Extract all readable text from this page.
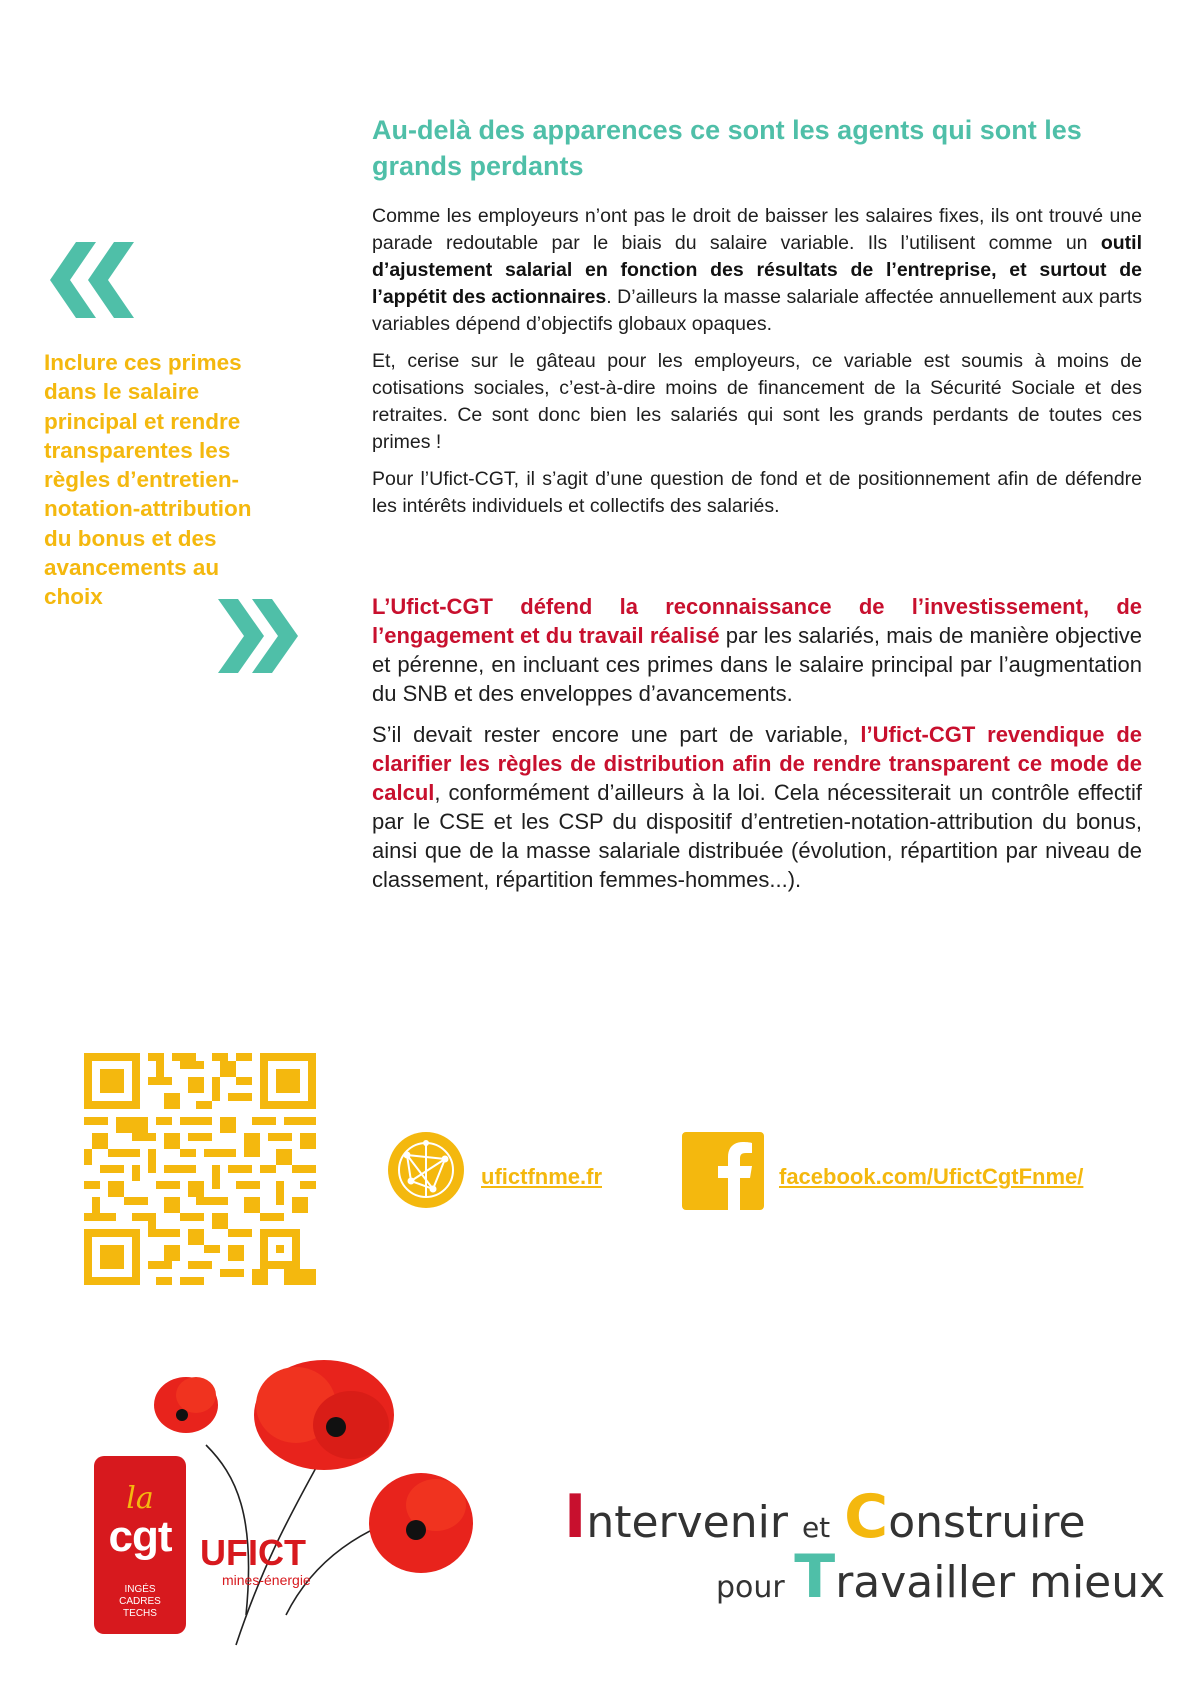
Au-delà des apparences ce sont les agents qui sont les grands perdants

Comme les employeurs n’ont pas le droit de baisser les salaires fixes, ils ont trouvé une parade redoutable par le biais du salaire variable. Ils l’utilisent comme un outil d’ajustement salarial en fonction des résultats de l’entreprise, et surtout de l’appétit des actionnaires. D’ailleurs la masse salariale affectée annuellement aux parts variables dépend d’objectifs globaux opaques.

Et, cerise sur le gâteau pour les employeurs, ce variable est soumis à moins de cotisations sociales, c’est-à-dire moins de financement de la Sécurité Sociale et des retraites. Ce sont donc bien les salariés qui sont les grands perdants de toutes ces primes !

Pour l’Ufict-CGT, il s’agit d’une question de fond et de positionnement afin de défendre les intérêts individuels et collectifs des salariés.

Inclure ces primes dans le salaire principal et rendre transparentes les règles d’entretien-notation-attribution du bonus et des avancements au choix	L’Ufict-CGT défend la reconnaissance de l’investissement, de l’engagement et du travail réalisé par les salariés, mais de manière objective et pérenne, en incluant ces primes dans le salaire principal par l’augmentation du SNB et des enveloppes d’avancements.

S’il devait rester encore une part de variable, l’Ufict-CGT revendique de clarifier les règles de distribution afin de rendre transparent ce mode de calcul, conformément d’ailleurs à la loi. Cela nécessiterait un contrôle effectif par le CSE et les CSP du dispositif d’entretien-notation-attribution du bonus, ainsi que de la masse salariale distribuée (évolution, répartition par niveau de classement, répartition femmes-hommes...).

ufictfnme.fr	facebook.com/UfictCgtFnme/
la
cgt
INGÉS
CADRES
TECHS
UFICT
mines-énergie
Intervenir et Construire
pour Travailler mieux
